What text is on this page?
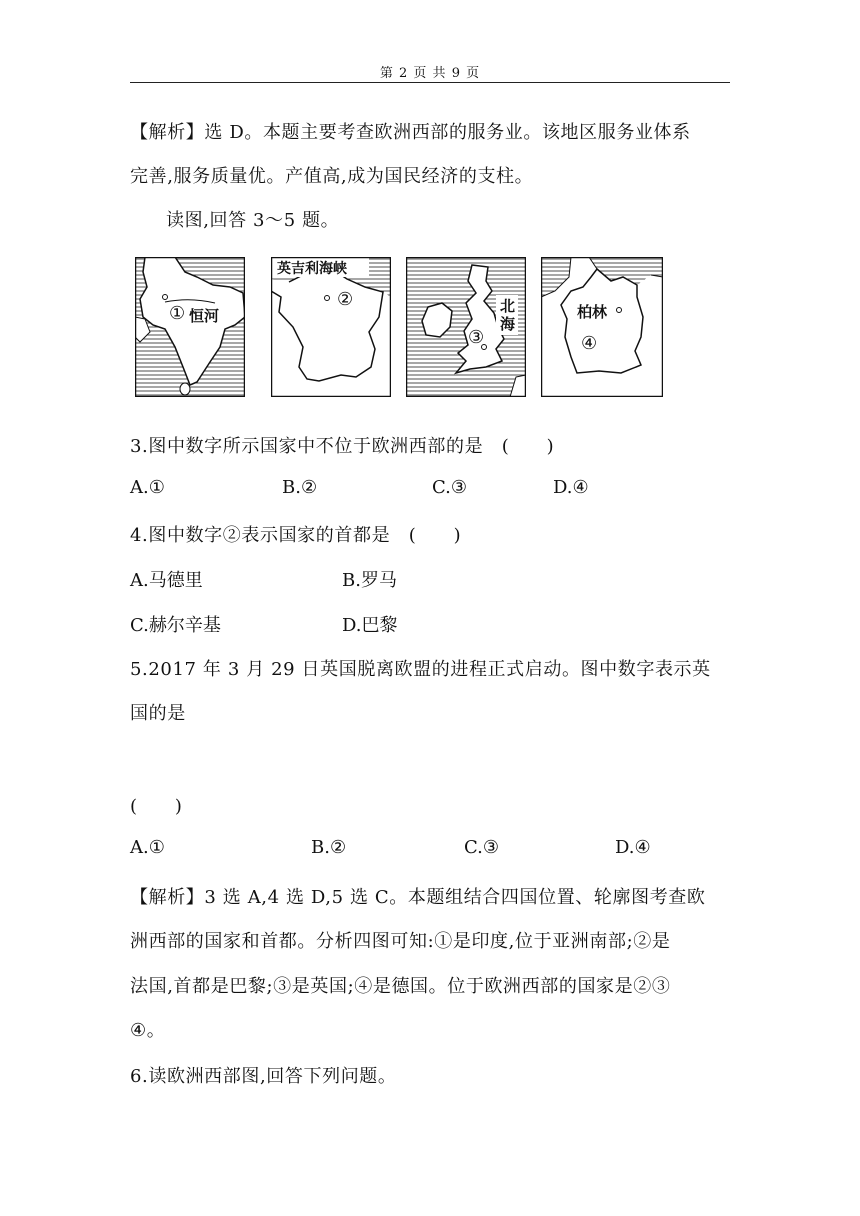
第 2 页 共 9 页
【解析】选 D。本题主要考查欧洲西部的服务业。该地区服务业体系
完善,服务质量优。产值高,成为国民经济的支柱。
读图,回答 3～5 题。
① 恒河
英吉利海峡
②	北
海
③
柏林
④
3.图中数字所示国家中不位于欧洲西部的是　(　　)
A.①	B.②	C.③	D.④
4.图中数字②表示国家的首都是　(　　)
A.马德里	B.罗马
C.赫尔辛基	D.巴黎
5.2017 年 3 月 29 日英国脱离欧盟的进程正式启动。图中数字表示英
国的是
(　　)
A.①	B.②	C.③	D.④
【解析】3 选 A,4 选 D,5 选 C。本题组结合四国位置、轮廓图考查欧
洲西部的国家和首都。分析四图可知:①是印度,位于亚洲南部;②是
法国,首都是巴黎;③是英国;④是德国。位于欧洲西部的国家是②③
④。
6.读欧洲西部图,回答下列问题。
